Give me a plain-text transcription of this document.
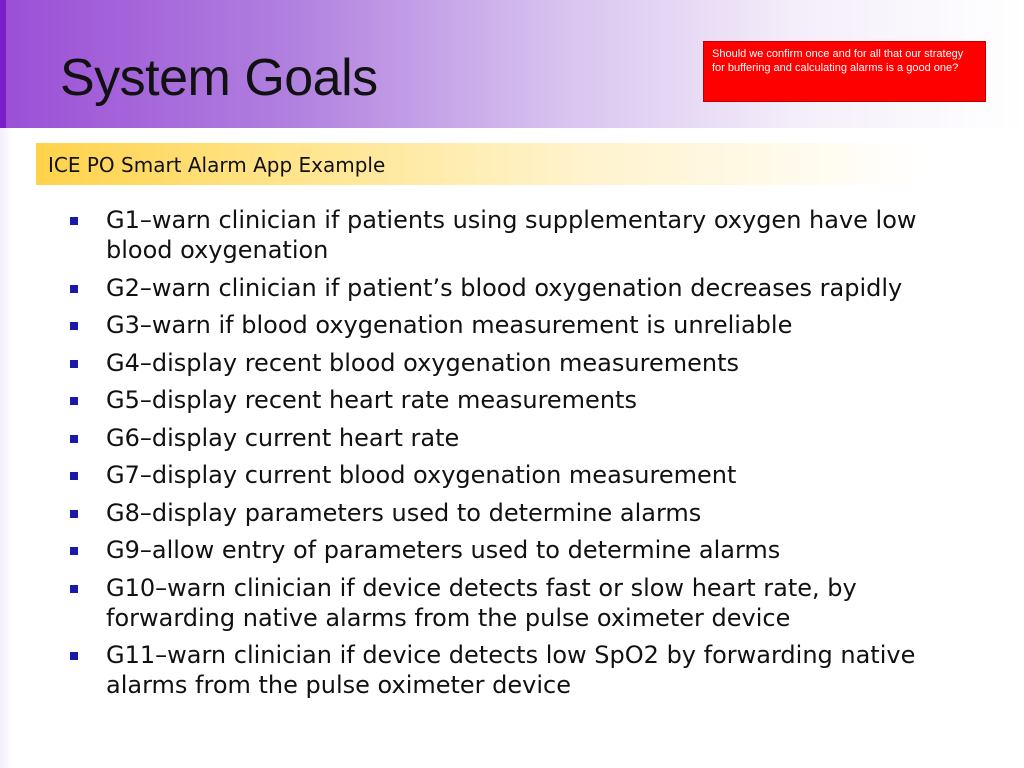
System Goals	Should we confirm once and for all that our strategy for buffering and calculating alarms is a good one?
ICE PO Smart Alarm App Example
G1–warn clinician if patients using supplementary oxygen have low blood oxygenation
G2–warn clinician if patient’s blood oxygenation decreases rapidly
G3–warn if blood oxygenation measurement is unreliable
G4–display recent blood oxygenation measurements
G5–display recent heart rate measurements
G6–display current heart rate
G7–display current blood oxygenation measurement
G8–display parameters used to determine alarms
G9–allow entry of parameters used to determine alarms
G10–warn clinician if device detects fast or slow heart rate, by forwarding native alarms from the pulse oximeter device
G11–warn clinician if device detects low SpO2 by forwarding native alarms from the pulse oximeter device
